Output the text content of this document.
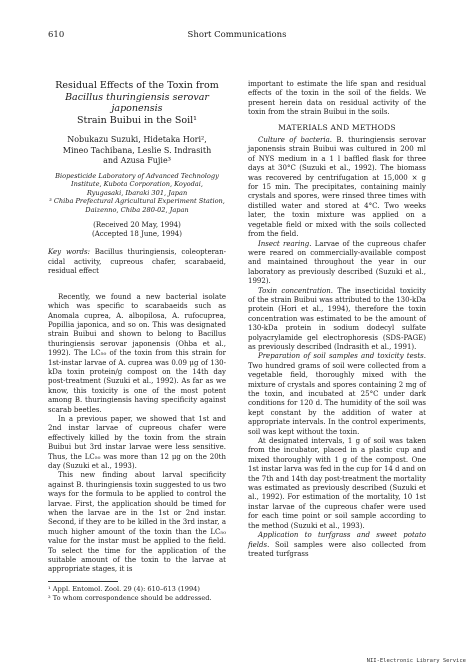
610	Short Communications
Residual Effects of the Toxin from
Bacillus thuringiensis serovar japonensis
Strain Buibui in the Soil¹
Nobukazu Suzuki, Hidetaka Hori²,
Mineo Tachibana, Leslie S. Indrasith
and Azusa Fujie³
Biopesticide Laboratory of Advanced Technology
Institute, Kubota Corporation, Koyodai,
Ryugasaki, Ibaraki 301, Japan
³ Chiba Prefectural Agricultural Experiment Station,
Daizenno, Chiba 280-02, Japan
(Received 20 May, 1994)
(Accepted 18 June, 1994)
Key words: Bacillus thuringiensis, coleopteran-cidal activity, cupreous chafer, scarabaeid, residual effect

Recently, we found a new bacterial isolate which was specific to scarabaeids such as Anomala cuprea, A. albopilosa, A. rufocuprea, Popillia japonica, and so on. This was designated strain Buibui and shown to belong to Bacillus thuringiensis serovar japonensis (Ohba et al., 1992). The LC₅₀ of the toxin from this strain for 1st-instar larvae of A. cuprea was 0.09 μg of 130-kDa toxin protein/g compost on the 14th day post-treatment (Suzuki et al., 1992). As far as we know, this toxicity is one of the most potent among B. thuringiensis having specificity against scarab beetles.

In a previous paper, we showed that 1st and 2nd instar larvae of cupreous chafer were effectively killed by the toxin from the strain Buibui but 3rd instar larvae were less sensitive. Thus, the LC₅₀ was more than 12 μg on the 20th day (Suzuki et al., 1993).

This new finding about larval specificity against B. thuringiensis toxin suggested to us two ways for the formula to be applied to control the larvae. First, the application should be timed for when the larvae are in the 1st or 2nd instar. Second, if they are to be killed in the 3rd instar, a much higher amount of the toxin than the LC₅₀ value for the instar must be applied to the field. To select the time for the application of the suitable amount of the toxin to the larvae at appropriate stages, it is

important to estimate the life span and residual effects of the toxin in the soil of the fields. We present herein data on residual activity of the toxin from the strain Buibui in the soils.

MATERIALS AND METHODS

Culture of bacteria. B. thuringiensis serovar japonensis strain Buibui was cultured in 200 ml of NYS medium in a 1 l baffled flask for three days at 30°C (Suzuki et al., 1992). The biomass was recovered by centrifugation at 15,000 × g for 15 min. The precipitates, containing mainly crystals and spores, were rinsed three times with distilled water and stored at 4°C. Two weeks later, the toxin mixture was applied on a vegetable field or mixed with the soils collected from the field.

Insect rearing. Larvae of the cupreous chafer were reared on commercially-available compost and maintained throughout the year in our laboratory as previously described (Suzuki et al., 1992).

Toxin concentration. The insecticidal toxicity of the strain Buibui was attributed to the 130-kDa protein (Hori et al., 1994), therefore the toxin concentration was estimated to be the amount of 130-kDa protein in sodium dodecyl sulfate polyacrylamide gel electrophoresis (SDS-PAGE) as previously described (Indrasith et al., 1991).

Preparation of soil samples and toxicity tests. Two hundred grams of soil were collected from a vegetable field, thoroughly mixed with the mixture of crystals and spores containing 2 mg of the toxin, and incubated at 25°C under dark conditions for 120 d. The humidity of the soil was kept constant by the addition of water at appropriate intervals. In the control experiments, soil was kept without the toxin.

At designated intervals, 1 g of soil was taken from the incubator, placed in a plastic cup and mixed thoroughly with 1 g of the compost. One 1st instar larva was fed in the cup for 14 d and on the 7th and 14th day post-treatment the mortality was estimated as previously described (Suzuki et al., 1992). For estimation of the mortality, 10 1st instar larvae of the cupreous chafer were used for each time point or soil sample according to the method (Suzuki et al., 1993).

Application to turfgrass and sweet potato fields. Soil samples were also collected from treated turfgrass

¹ Appl. Entomol. Zool. 29 (4): 610–613 (1994)
² To whom correspondence should be addressed.
NII-Electronic Library Service
